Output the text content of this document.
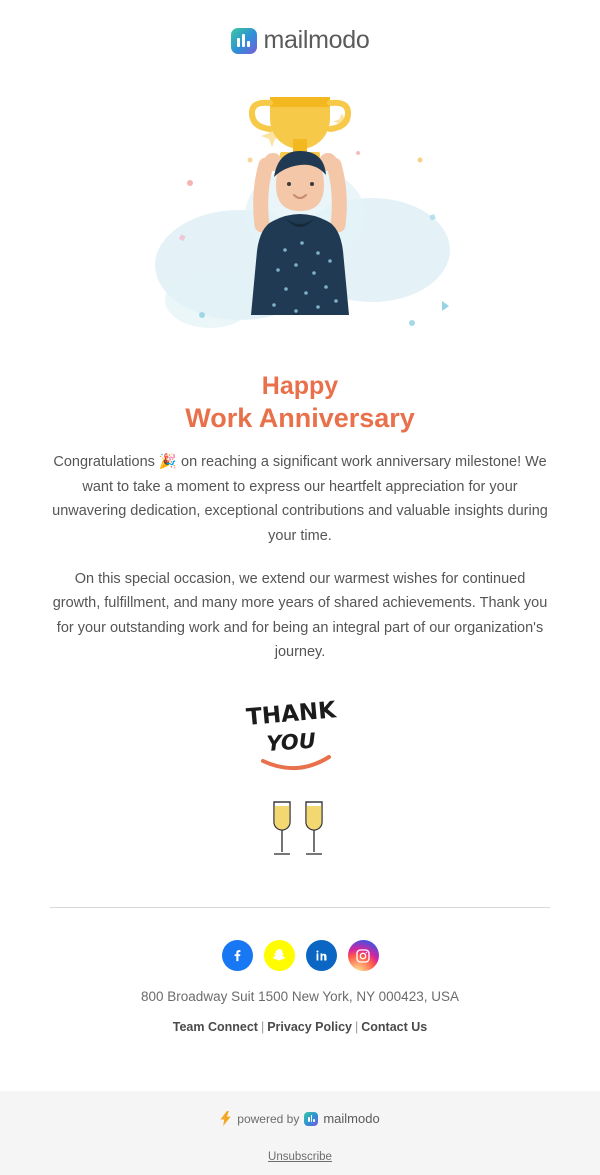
mailmodo
Happy
Work Anniversary

Congratulations 🎉 on reaching a significant work anniversary milestone! We want to take a moment to express our heartfelt appreciation for your unwavering dedication, exceptional contributions and valuable insights during your time.

On this special occasion, we extend our warmest wishes for continued growth, fulfillment, and many more years of shared achievements. Thank you for your outstanding work and for being an integral part of our organization's journey.

THANK
YOU
800 Broadway Suit 1500 New York, NY 000423, USA
Team Connect | Privacy Policy | Contact Us
powered by mailmodo
Unsubscribe
